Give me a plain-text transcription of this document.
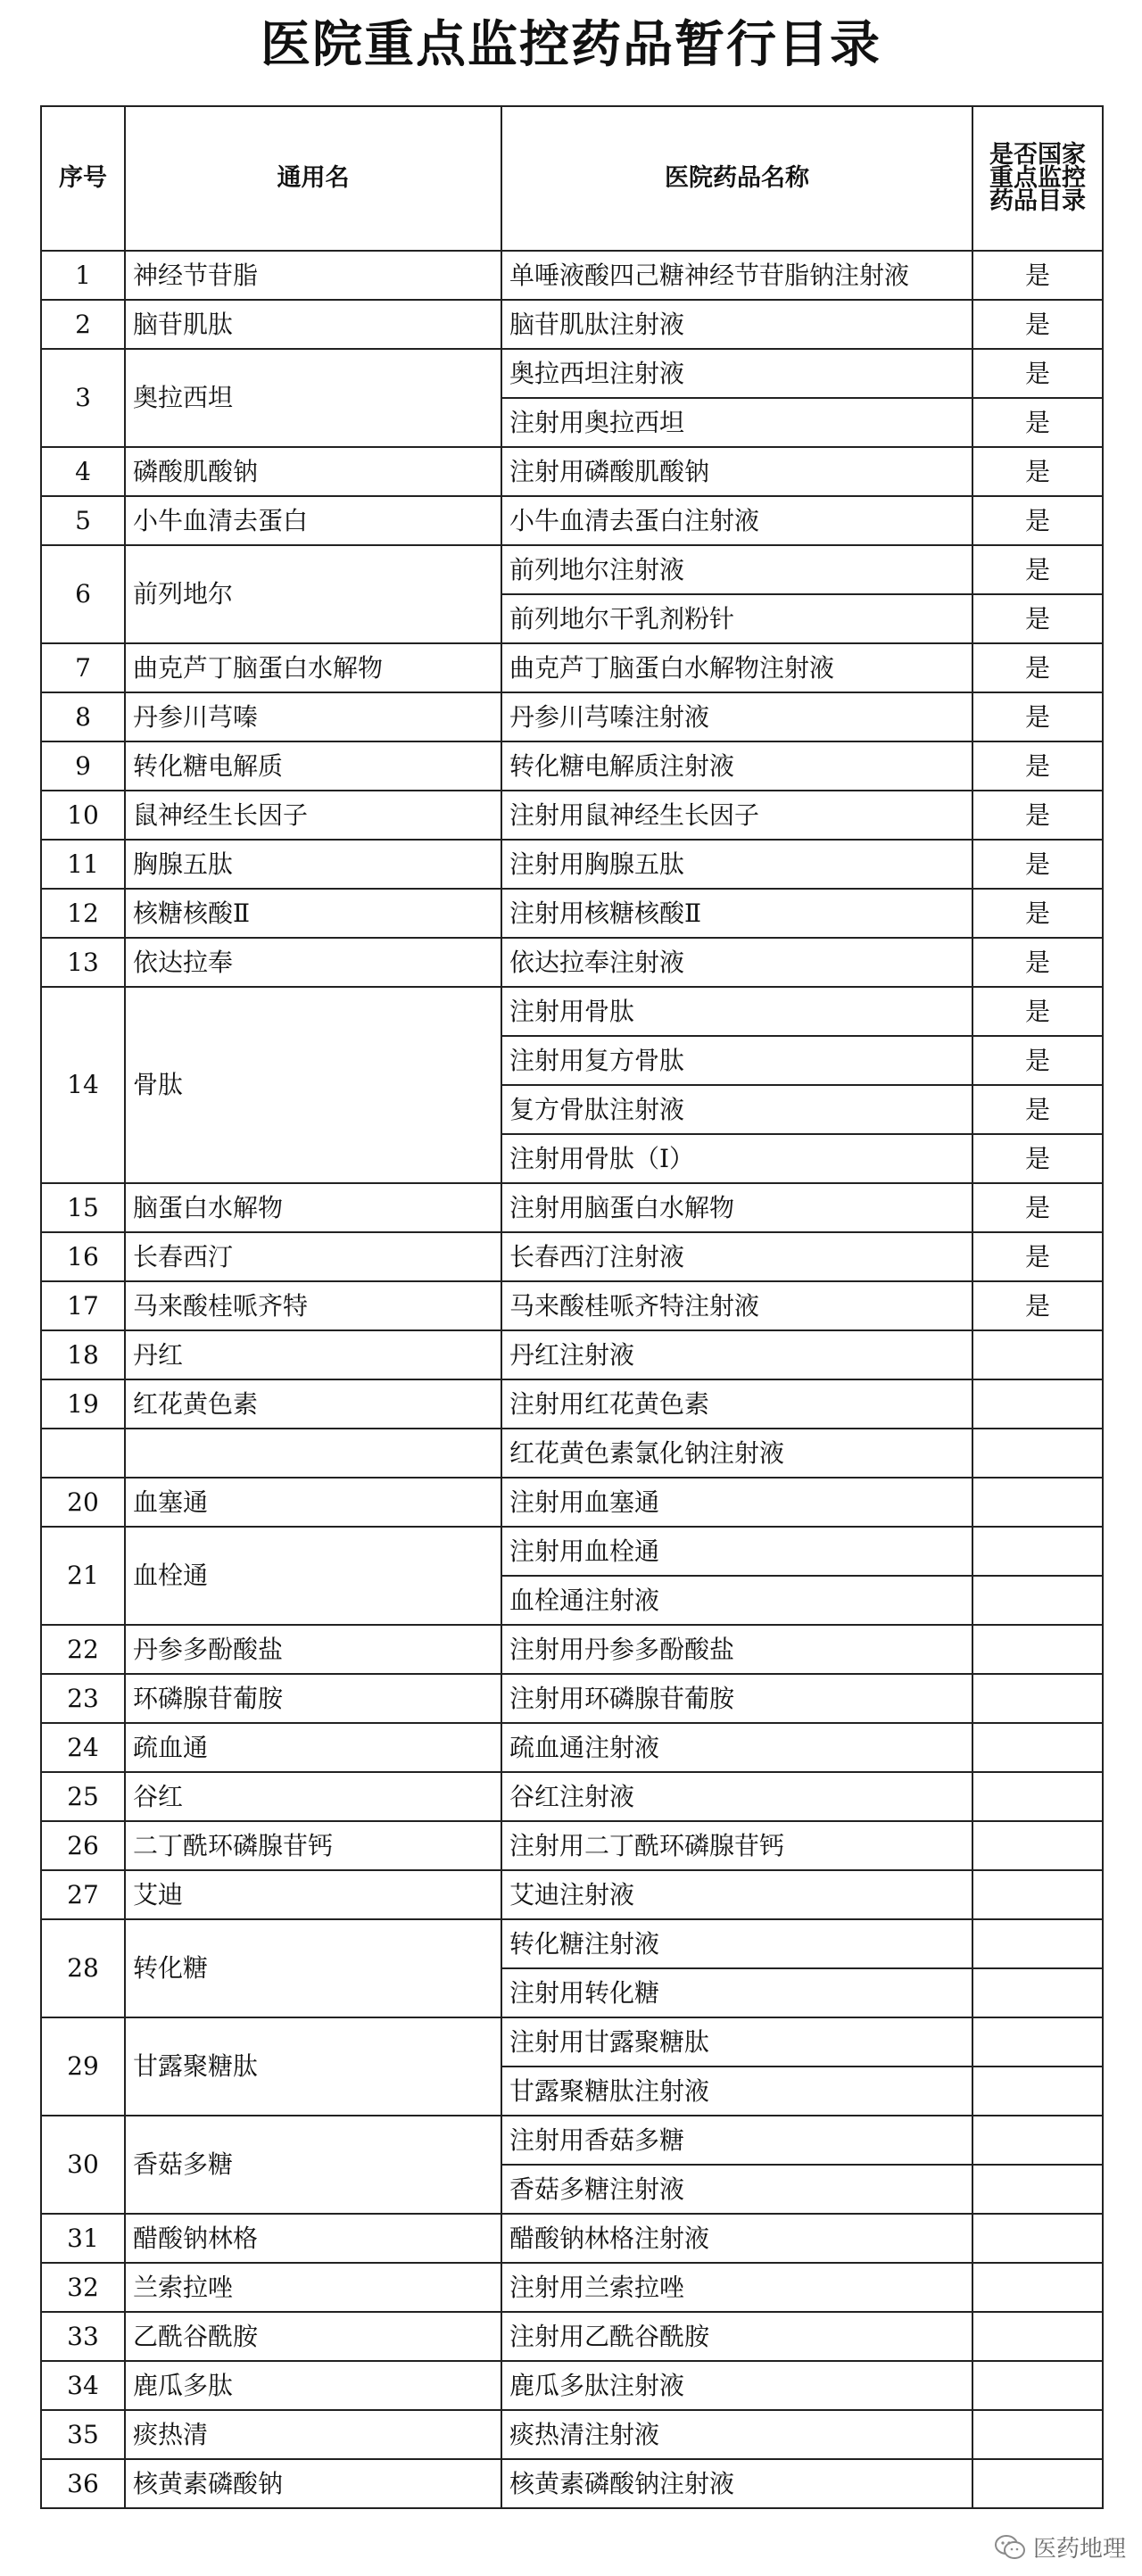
医院重点监控药品暂行目录
序号	通用名	医院药品名称	是否国家重点监控药品目录
1	神经节苷脂	单唾液酸四己糖神经节苷脂钠注射液	是
2	脑苷肌肽	脑苷肌肽注射液	是
3	奥拉西坦	奥拉西坦注射液	是
		注射用奥拉西坦	是
4	磷酸肌酸钠	注射用磷酸肌酸钠	是
5	小牛血清去蛋白	小牛血清去蛋白注射液	是
6	前列地尔	前列地尔注射液	是
		前列地尔干乳剂粉针	是
7	曲克芦丁脑蛋白水解物	曲克芦丁脑蛋白水解物注射液	是
8	丹参川芎嗪	丹参川芎嗪注射液	是
9	转化糖电解质	转化糖电解质注射液	是
10	鼠神经生长因子	注射用鼠神经生长因子	是
11	胸腺五肽	注射用胸腺五肽	是
12	核糖核酸Ⅱ	注射用核糖核酸Ⅱ	是
13	依达拉奉	依达拉奉注射液	是
14	骨肽	注射用骨肽	是
		注射用复方骨肽	是
		复方骨肽注射液	是
		注射用骨肽（Ⅰ）	是
15	脑蛋白水解物	注射用脑蛋白水解物	是
16	长春西汀	长春西汀注射液	是
17	马来酸桂哌齐特	马来酸桂哌齐特注射液	是
18	丹红	丹红注射液	
19	红花黄色素	注射用红花黄色素	
		红花黄色素氯化钠注射液	
20	血塞通	注射用血塞通	
21	血栓通	注射用血栓通	
		血栓通注射液	
22	丹参多酚酸盐	注射用丹参多酚酸盐	
23	环磷腺苷葡胺	注射用环磷腺苷葡胺	
24	疏血通	疏血通注射液	
25	谷红	谷红注射液	
26	二丁酰环磷腺苷钙	注射用二丁酰环磷腺苷钙	
27	艾迪	艾迪注射液	
28	转化糖	转化糖注射液	
		注射用转化糖	
29	甘露聚糖肽	注射用甘露聚糖肽	
		甘露聚糖肽注射液	
30	香菇多糖	注射用香菇多糖	
		香菇多糖注射液	
31	醋酸钠林格	醋酸钠林格注射液	
32	兰索拉唑	注射用兰索拉唑	
33	乙酰谷酰胺	注射用乙酰谷酰胺	
34	鹿瓜多肽	鹿瓜多肽注射液	
35	痰热清	痰热清注射液	
36	核黄素磷酸钠	核黄素磷酸钠注射液	
医药地理
